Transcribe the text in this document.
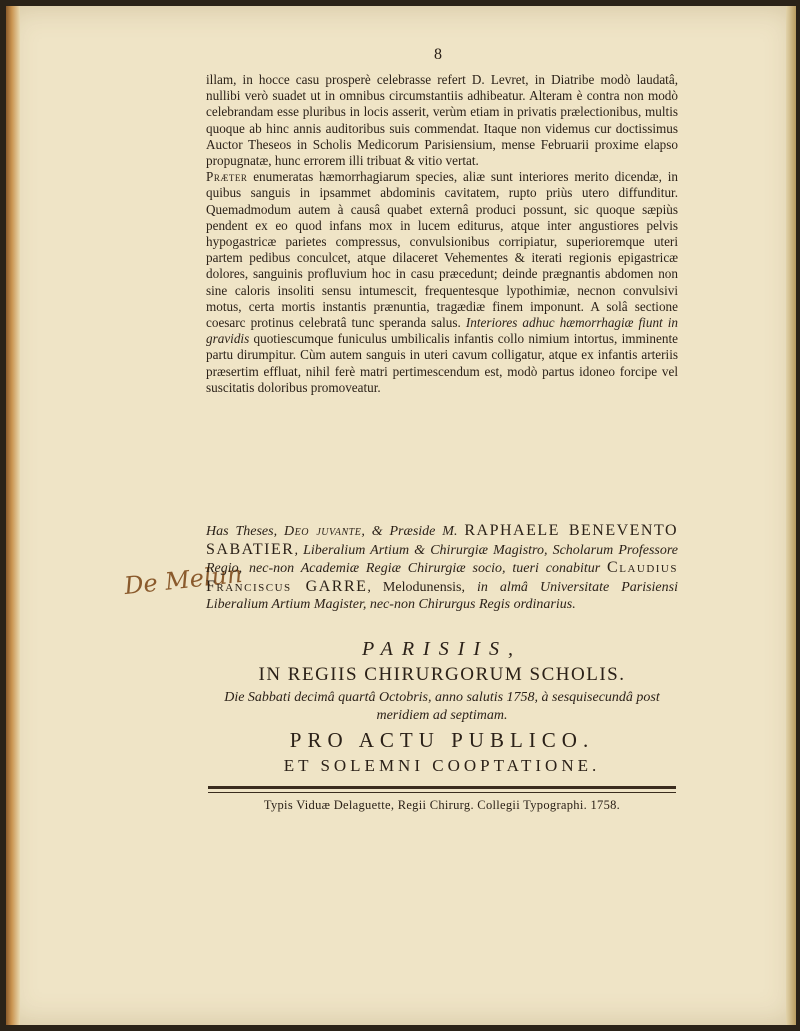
8

illam, in hocce casu prosperè celebrasse refert D. Levret, in Diatribe modò laudatâ, nullibi verò suadet ut in omnibus circumstantiis adhibeatur. Alteram è contra non modò celebrandam esse pluribus in locis asserit, verùm etiam in privatis prælectionibus, multis quoque ab hinc annis auditoribus suis commendat. Itaque non videmus cur doctissimus Auctor Theseos in Scholis Medicorum Parisiensium, mense Februarii proxime elapso propugnatæ, hunc errorem illi tribuat & vitio vertat.

Præter enumeratas hæmorrhagiarum species, aliæ sunt interiores merito dicendæ, in quibus sanguis in ipsammet abdominis cavitatem, rupto priùs utero diffunditur. Quemadmodum autem à causâ quabet externâ produci possunt, sic quoque sæpiùs pendent ex eo quod infans mox in lucem editurus, atque inter angustiores pelvis hypogastricæ parietes compressus, convulsionibus corripiatur, superioremque uteri partem pedibus conculcet, atque dilaceret Vehementes & iterati regionis epigastricæ dolores, sanguinis profluvium hoc in casu præcedunt; deinde prægnantis abdomen non sine caloris insoliti sensu intumescit, frequentesque lypothimiæ, necnon convulsivi motus, certa mortis instantis prænuntia, tragædiæ finem imponunt. A solâ sectione coesarc protinus celebratâ tunc speranda salus. Interiores adhuc hæmorrhagiæ fiunt in gravidis quotiescumque funiculus umbilicalis infantis collo nimium intortus, imminente partu dirumpitur. Cùm autem sanguis in uteri cavum colligatur, atque ex infantis arteriis præsertim effluat, nihil ferè matri pertimescendum est, modò partus idoneo forcipe vel suscitatis doloribus promoveatur.

De Melun
Has Theses, Deo juvante, & Præside M. RAPHAELE BENEVENTO SABATIER, Liberalium Artium & Chirurgiæ Magistro, Scholarum Professore Regio, nec-non Academiæ Regiæ Chirurgiæ socio, tueri conabitur Claudius Franciscus GARRE, Melodunensis, in almâ Universitate Parisiensi Liberalium Artium Magister, nec-non Chirurgus Regis ordinarius.
PARISIIS,
IN REGIIS CHIRURGORUM SCHOLIS.
Die Sabbati decimâ quartâ Octobris, anno salutis 1758, à sesquisecundâ post meridiem ad septimam.
PRO ACTU PUBLICO.
ET SOLEMNI COOPTATIONE.
Typis Viduæ Delaguette, Regii Chirurg. Collegii Typographi. 1758.
